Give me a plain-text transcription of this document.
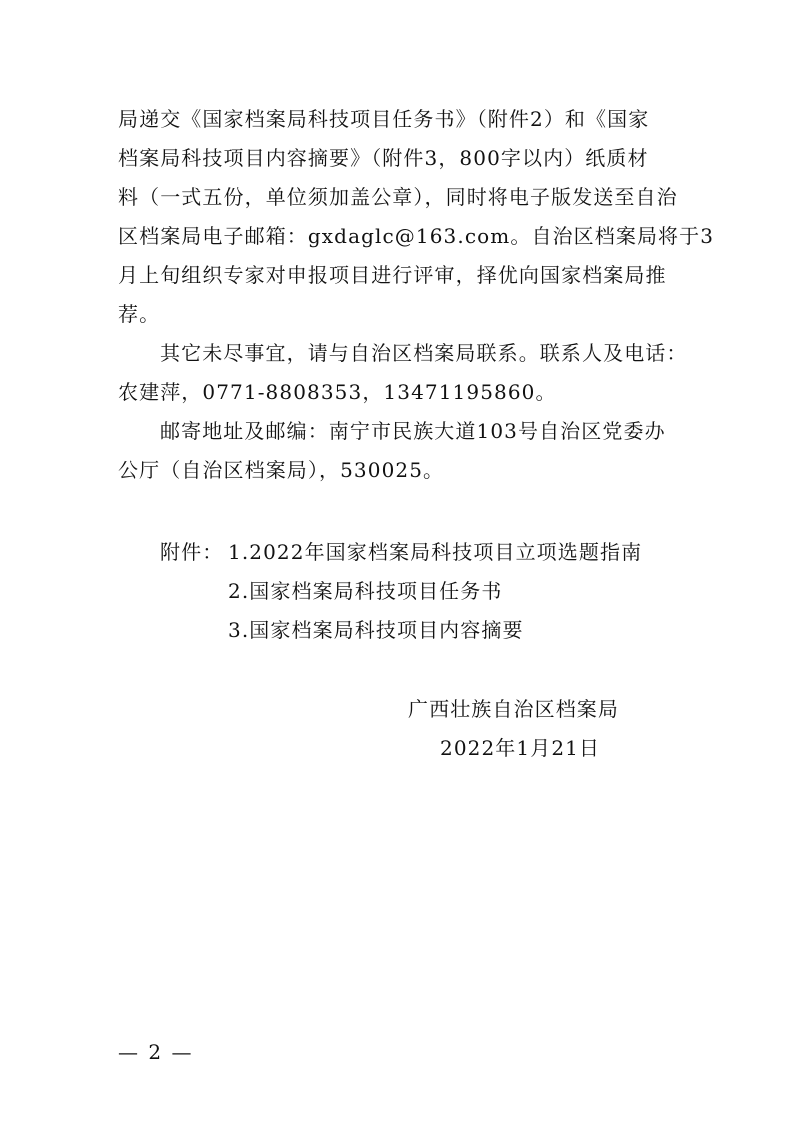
局递交《国家档案局科技项目任务书》（附件2）和《国家
档案局科技项目内容摘要》（附件3，800字以内）纸质材
料（一式五份，单位须加盖公章），同时将电子版发送至自治
区档案局电子邮箱：gxdaglc@163.com。自治区档案局将于3
月上旬组织专家对申报项目进行评审，择优向国家档案局推
荐。

其它未尽事宜，请与自治区档案局联系。联系人及电话：
农建萍，0771-8808353，13471195860。

邮寄地址及邮编：南宁市民族大道103号自治区党委办
公厅（自治区档案局），530025。

附件： 1.2022年国家档案局科技项目立项选题指南
2.国家档案局科技项目任务书
3.国家档案局科技项目内容摘要
广西壮族自治区档案局
2022年1月21日
— 2 —
